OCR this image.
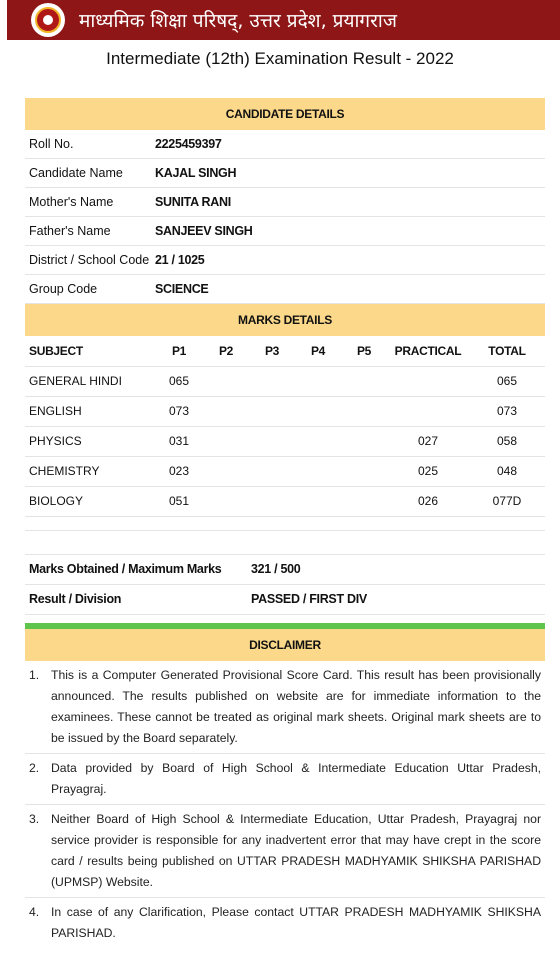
माध्यमिक शिक्षा परिषद्, उत्तर प्रदेश, प्रयागराज
Intermediate (12th) Examination Result - 2022
CANDIDATE DETAILS
Roll No.	2225459397
Candidate Name	KAJAL SINGH
Mother's Name	SUNITA RANI
Father's Name	SANJEEV SINGH
District / School Code 21 / 1025
Group Code	SCIENCE
MARKS DETAILS
SUBJECT	P1	P2	P3	P4	P5	PRACTICAL	TOTAL
GENERAL HINDI	065						065
ENGLISH	073						073
PHYSICS	031					027	058
CHEMISTRY	023					025	048
BIOLOGY	051					026	077D

Marks Obtained / Maximum Marks	321 / 500
Result / Division	PASSED / FIRST DIV
DISCLAIMER
1. This is a Computer Generated Provisional Score Card. This result has been provisionally announced. The results published on website are for immediate information to the examinees. These cannot be treated as original mark sheets. Original mark sheets are to be issued by the Board separately.
2. Data provided by Board of High School & Intermediate Education Uttar Pradesh, Prayagraj.
3. Neither Board of High School & Intermediate Education, Uttar Pradesh, Prayagraj nor service provider is responsible for any inadvertent error that may have crept in the score card / results being published on UTTAR PRADESH MADHYAMIK SHIKSHA PARISHAD (UPMSP) Website.
4. In case of any Clarification, Please contact UTTAR PRADESH MADHYAMIK SHIKSHA PARISHAD.
